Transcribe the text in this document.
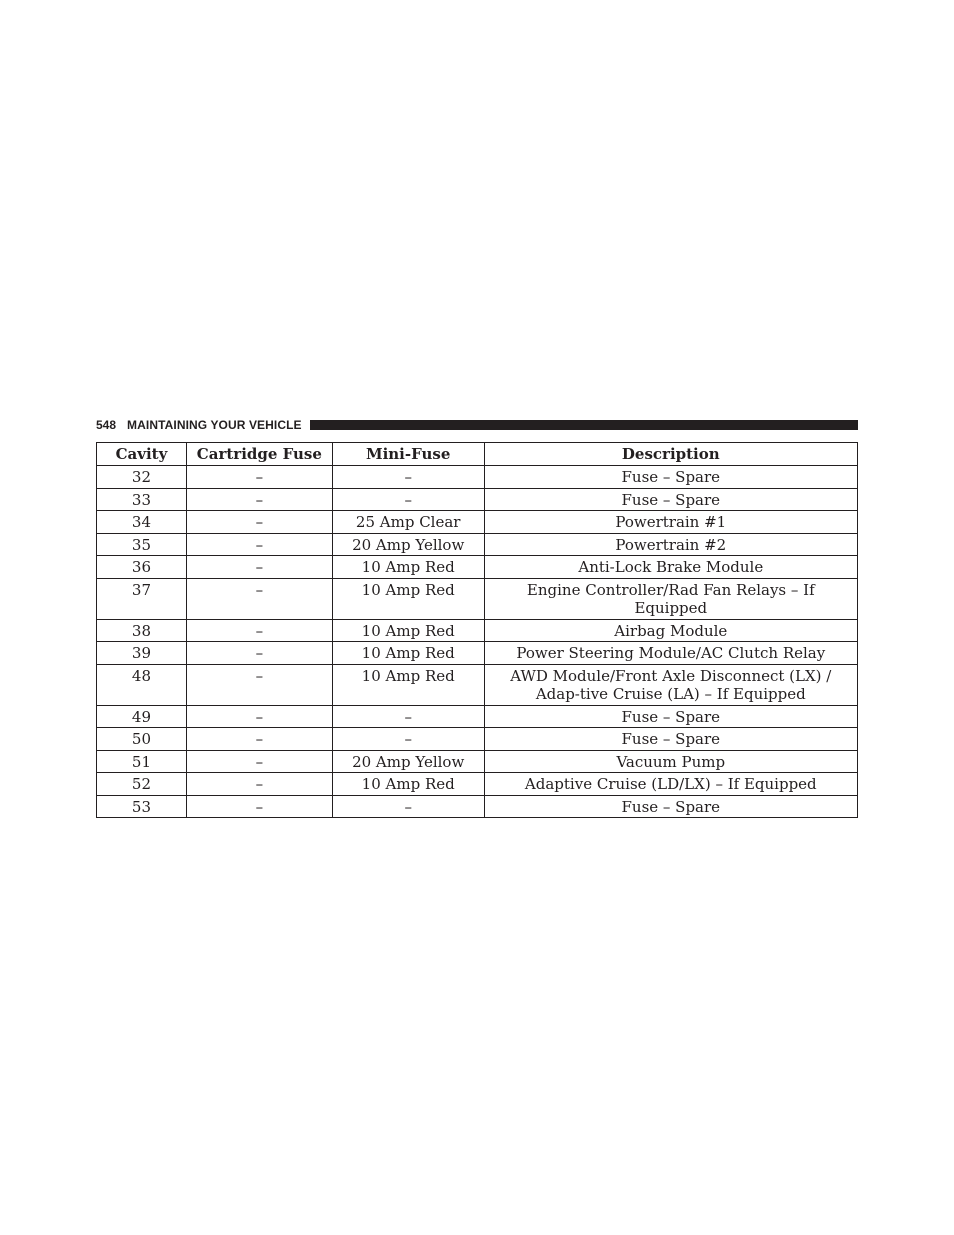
548 MAINTAINING YOUR VEHICLE
Cavity	Cartridge Fuse	Mini-Fuse	Description
32	–	–	Fuse – Spare
33	–	–	Fuse – Spare
34	–	25 Amp Clear	Powertrain #1
35	–	20 Amp Yellow	Powertrain #2
36	–	10 Amp Red	Anti-Lock Brake Module
37	–	10 Amp Red	Engine Controller/Rad Fan Relays – If Equipped
38	–	10 Amp Red	Airbag Module
39	–	10 Amp Red	Power Steering Module/AC Clutch Relay
48	–	10 Amp Red	AWD Module/Front Axle Disconnect (LX) / Adap-tive Cruise (LA) – If Equipped
49	–	–	Fuse – Spare
50	–	–	Fuse – Spare
51	–	20 Amp Yellow	Vacuum Pump
52	–	10 Amp Red	Adaptive Cruise (LD/LX) – If Equipped
53	–	–	Fuse – Spare
